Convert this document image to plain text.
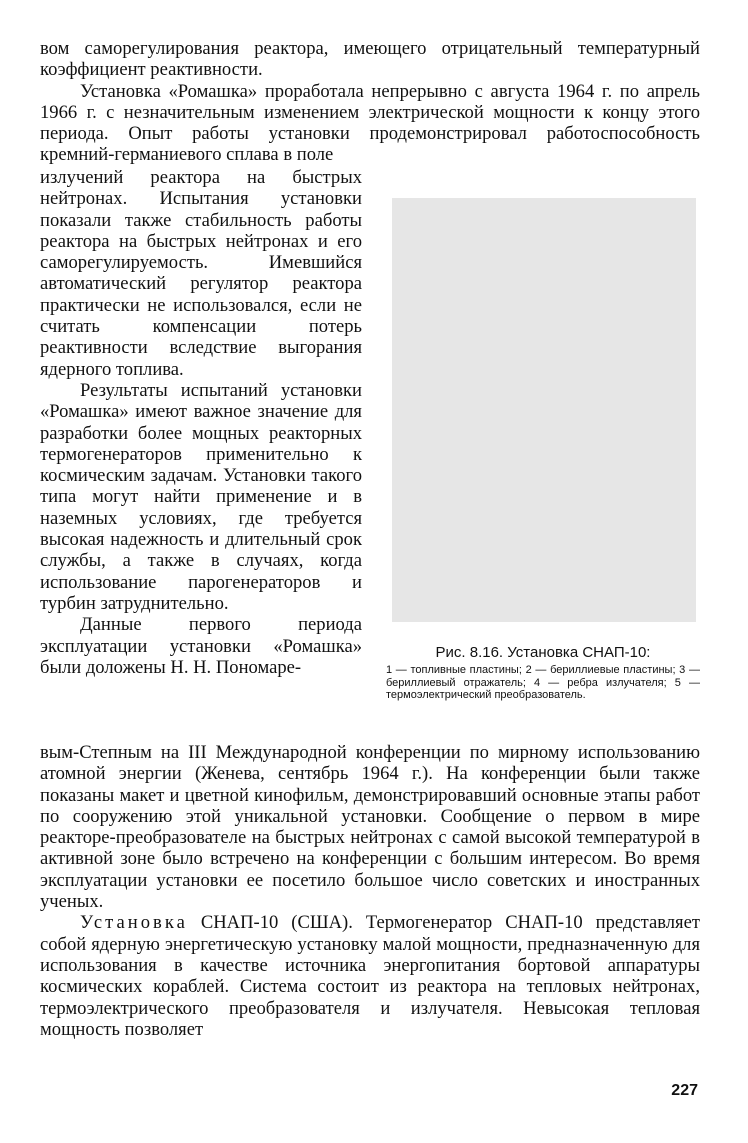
вом саморегулирования реактора, имеющего отрицательный температурный коэффициент реактивности.

Установка «Ромашка» проработала непрерывно с августа 1964 г. по апрель 1966 г. с незначительным изменением электрической мощности к концу этого периода. Опыт работы установки продемонстрировал работоспособность кремний-германиевого сплава в поле

излучений реактора на быстрых нейтронах. Испытания установки показали также стабильность работы реактора на быстрых нейтронах и его саморегулируемость. Имевшийся автоматический регулятор реактора практически не использовался, если не считать компенсации потерь реактивности вследствие выгорания ядерного топлива.

Результаты испытаний установки «Ромашка» имеют важное значение для разработки более мощных реакторных термогенераторов применительно к космическим задачам. Установки такого типа могут найти применение и в наземных условиях, где требуется высокая надежность и длительный срок службы, а также в случаях, когда использование парогенераторов и турбин затруднительно.

Данные первого периода эксплуатации установки «Ромашка» были доложены Н. Н. Пономаре-

Рис. 8.16. Установка СНАП-10:
1 — топливные пластины; 2 — бериллиевые пластины; 3 — бериллиевый отражатель; 4 — ребра излучателя; 5 — термоэлектрический преобразователь.

вым-Степным на III Международной конференции по мирному использованию атомной энергии (Женева, сентябрь 1964 г.). На конференции были также показаны макет и цветной кинофильм, демонстрировавший основные этапы работ по сооружению этой уникальной установки. Сообщение о первом в мире реакторе-преобразователе на быстрых нейтронах с самой высокой температурой в активной зоне было встречено на конференции с большим интересом. Во время эксплуатации установки ее посетило большое число советских и иностранных ученых.

Установка СНАП-10 (США). Термогенератор СНАП-10 представляет собой ядерную энергетическую установку малой мощности, предназначенную для использования в качестве источника энергопитания бортовой аппаратуры космических кораблей. Система состоит из реактора на тепловых нейтронах, термоэлектрического преобразователя и излучателя. Невысокая тепловая мощность позволяет

227
